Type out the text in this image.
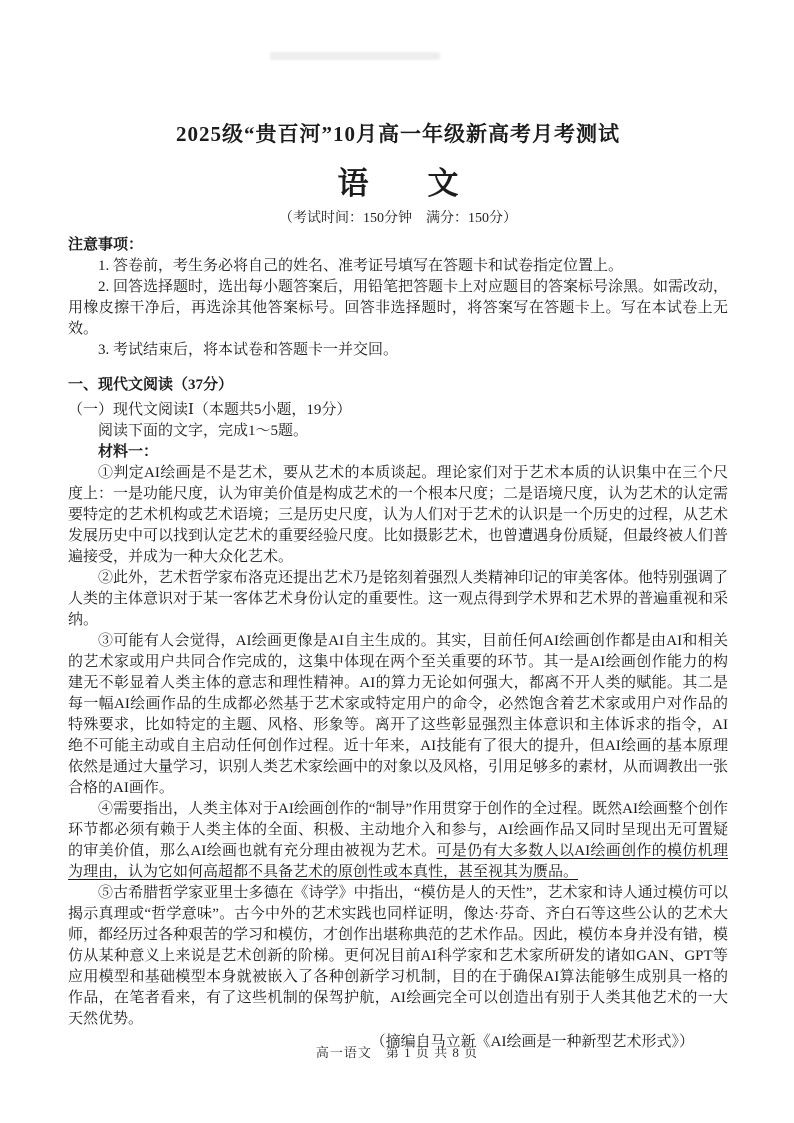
2025级“贵百河”10月高一年级新高考月考测试
语　文
（考试时间：150分钟　满分：150分）
注意事项：

1. 答卷前，考生务必将自己的姓名、准考证号填写在答题卡和试卷指定位置上。

2. 回答选择题时，选出每小题答案后，用铅笔把答题卡上对应题目的答案标号涂黑。如需改动，用橡皮擦干净后，再选涂其他答案标号。回答非选择题时，将答案写在答题卡上。写在本试卷上无效。

3. 考试结束后，将本试卷和答题卡一并交回。

一、现代文阅读（37分）

（一）现代文阅读Ⅰ（本题共5小题，19分）

阅读下面的文字，完成1～5题。

材料一：

①判定AI绘画是不是艺术，要从艺术的本质谈起。理论家们对于艺术本质的认识集中在三个尺度上：一是功能尺度，认为审美价值是构成艺术的一个根本尺度；二是语境尺度，认为艺术的认定需要特定的艺术机构或艺术语境；三是历史尺度，认为人们对于艺术的认识是一个历史的过程，从艺术发展历史中可以找到认定艺术的重要经验尺度。比如摄影艺术，也曾遭遇身份质疑，但最终被人们普遍接受，并成为一种大众化艺术。

②此外，艺术哲学家布洛克还提出艺术乃是铭刻着强烈人类精神印记的审美客体。他特别强调了人类的主体意识对于某一客体艺术身份认定的重要性。这一观点得到学术界和艺术界的普遍重视和采纳。

③可能有人会觉得，AI绘画更像是AI自主生成的。其实，目前任何AI绘画创作都是由AI和相关的艺术家或用户共同合作完成的，这集中体现在两个至关重要的环节。其一是AI绘画创作能力的构建无不彰显着人类主体的意志和理性精神。AI的算力无论如何强大，都离不开人类的赋能。其二是每一幅AI绘画作品的生成都必然基于艺术家或特定用户的命令，必然饱含着艺术家或用户对作品的特殊要求，比如特定的主题、风格、形象等。离开了这些彰显强烈主体意识和主体诉求的指令，AI绝不可能主动或自主启动任何创作过程。近十年来，AI技能有了很大的提升，但AI绘画的基本原理依然是通过大量学习，识别人类艺术家绘画中的对象以及风格，引用足够多的素材，从而调教出一张合格的AI画作。

④需要指出，人类主体对于AI绘画创作的“制导”作用贯穿于创作的全过程。既然AI绘画整个创作环节都必须有赖于人类主体的全面、积极、主动地介入和参与，AI绘画作品又同时呈现出无可置疑的审美价值，那么AI绘画也就有充分理由被视为艺术。可是仍有大多数人以AI绘画创作的模仿机理为理由，认为它如何高超都不具备艺术的原创性或本真性，甚至视其为赝品。

⑤古希腊哲学家亚里士多德在《诗学》中指出，“模仿是人的天性”，艺术家和诗人通过模仿可以揭示真理或“哲学意味”。古今中外的艺术实践也同样证明，像达·芬奇、齐白石等这些公认的艺术大师，都经历过各种艰苦的学习和模仿，才创作出堪称典范的艺术作品。因此，模仿本身并没有错，模仿从某种意义上来说是艺术创新的阶梯。更何况目前AI科学家和艺术家所研发的诸如GAN、GPT等应用模型和基础模型本身就被嵌入了各种创新学习机制，目的在于确保AI算法能够生成别具一格的作品，在笔者看来，有了这些机制的保驾护航，AI绘画完全可以创造出有别于人类其他艺术的一大天然优势。

（摘编自马立新《AI绘画是一种新型艺术形式》）

高一语文　第 1 页 共 8 页
